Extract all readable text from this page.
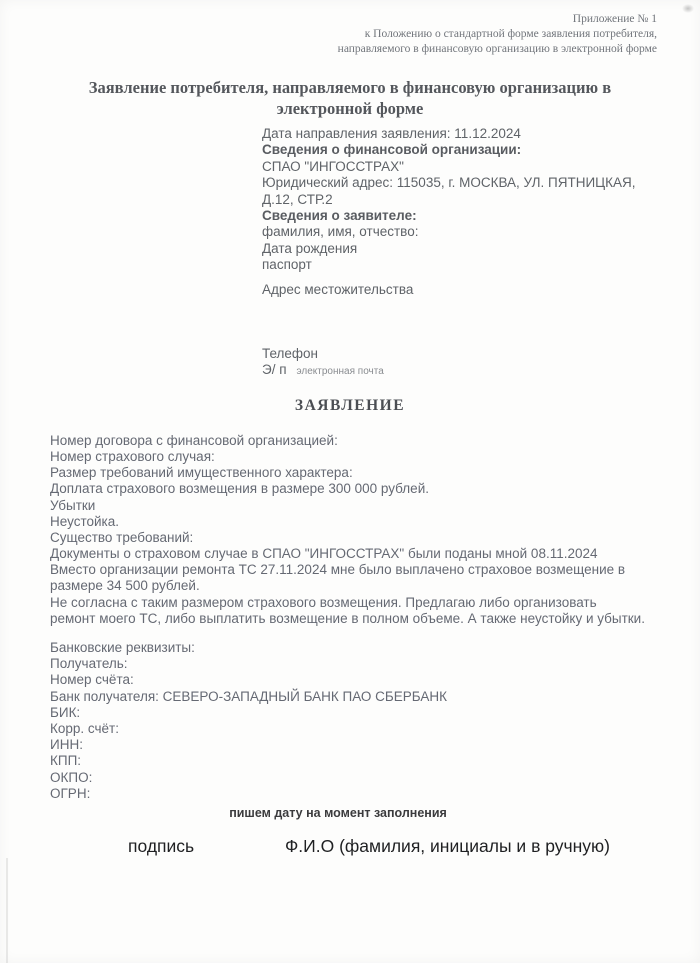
Приложение № 1
к Положению о стандартной форме заявления потребителя,
направляемого в финансовую организацию в электронной форме
Заявление потребителя, направляемого в финансовую организацию в электронной форме
Дата направления заявления: 11.12.2024
Сведения о финансовой организации:
СПАО "ИНГОССТРАХ"
Юридический адрес: 115035, г. МОСКВА, УЛ. ПЯТНИЦКАЯ,
Д.12, СТР.2
Сведения о заявителе:
фамилия, имя, отчество:
Дата рождения
паспорт
Адрес местожительства
Телефон
Э/ п электронная почта
ЗАЯВЛЕНИЕ
Номер договора с финансовой организацией:
Номер страхового случая:
Размер требований имущественного характера:
Доплата страхового возмещения в размере 300 000 рублей.
Убытки
Неустойка.
Существо требований:
Документы о страховом случае в СПАО "ИНГОССТРАХ" были поданы мной 08.11.2024
Вместо организации ремонта ТС 27.11.2024 мне было выплачено страховое возмещение в
размере 34 500 рублей.
Не согласна с таким размером страхового возмещения. Предлагаю либо организовать
ремонт моего ТС, либо выплатить возмещение в полном объеме. А также неустойку и убытки.
Банковские реквизиты:
Получатель:
Номер счёта:
Банк получателя: СЕВЕРО-ЗАПАДНЫЙ БАНК ПАО СБЕРБАНК
БИК:
Корр. счёт:
ИНН:
КПП:
ОКПО:
ОГРН:
пишем дату на момент заполнения
подпись	Ф.И.О (фамилия, инициалы и в ручную)
